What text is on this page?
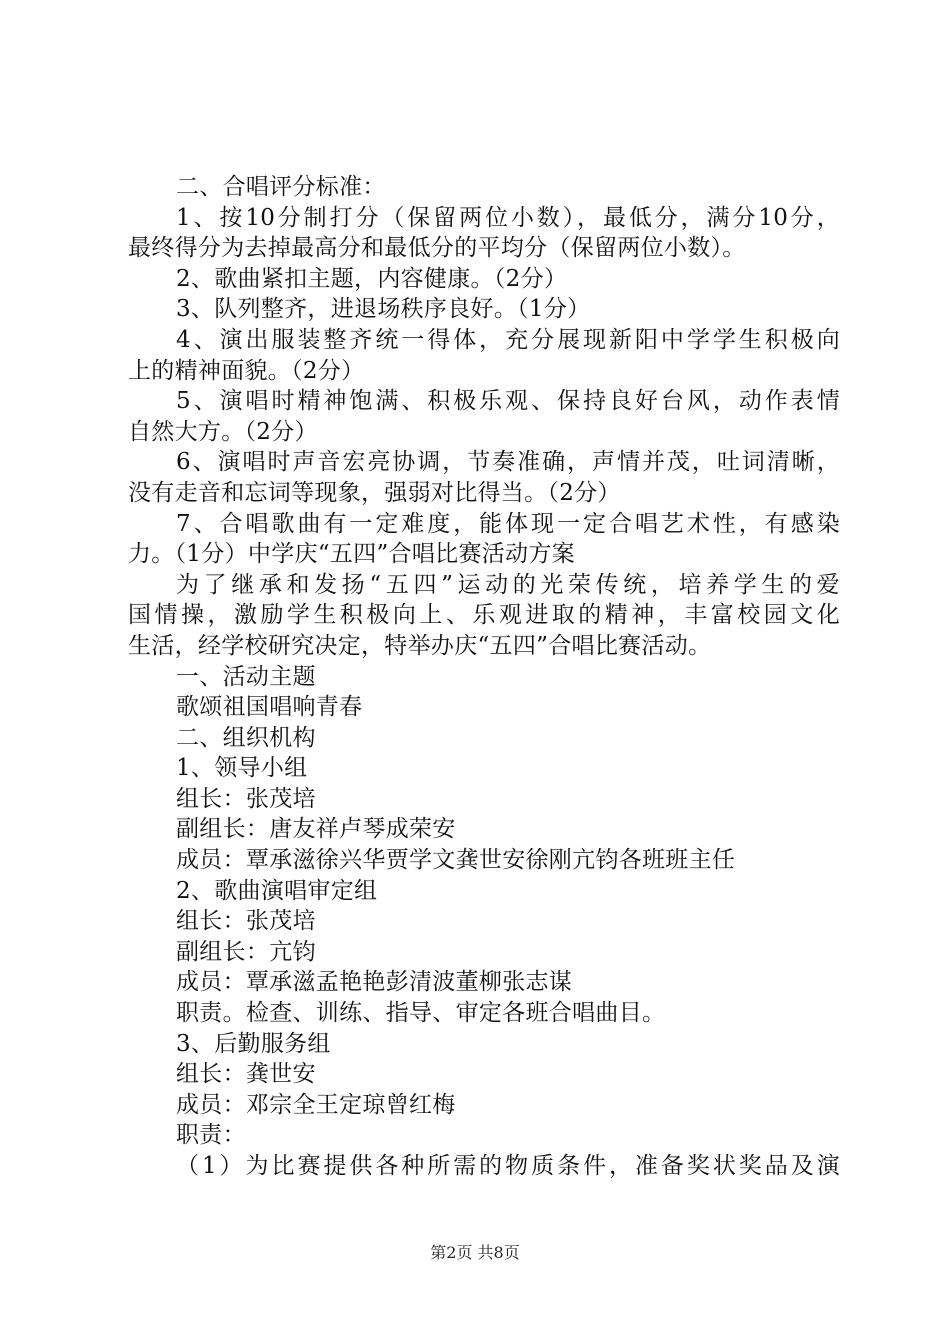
二、合唱评分标准：
1、按10分制打分（保留两位小数），最低分，满分10分，
最终得分为去掉最高分和最低分的平均分（保留两位小数）。
2、歌曲紧扣主题，内容健康。（2分）
3、队列整齐，进退场秩序良好。（1分）
4、演出服装整齐统一得体，充分展现新阳中学学生积极向
上的精神面貌。（2分）
5、演唱时精神饱满、积极乐观、保持良好台风，动作表情
自然大方。（2分）
6、演唱时声音宏亮协调，节奏准确，声情并茂，吐词清晰，
没有走音和忘词等现象，强弱对比得当。（2分）
7、合唱歌曲有一定难度，能体现一定合唱艺术性，有感染
力。（1分）中学庆“五四”合唱比赛活动方案
为了继承和发扬“五四”运动的光荣传统，培养学生的爱
国情操，激励学生积极向上、乐观进取的精神，丰富校园文化
生活，经学校研究决定，特举办庆“五四”合唱比赛活动。
一、活动主题
歌颂祖国唱响青春
二、组织机构
1、领导小组
组长：张茂培
副组长：唐友祥卢琴成荣安
成员：覃承滋徐兴华贾学文龚世安徐刚亢钧各班班主任
2、歌曲演唱审定组
组长：张茂培
副组长：亢钧
成员：覃承滋孟艳艳彭清波董柳张志谋
职责。检查、训练、指导、审定各班合唱曲目。
3、后勤服务组
组长：龚世安
成员：邓宗全王定琼曾红梅
职责：
（1）为比赛提供各种所需的物质条件，准备奖状奖品及演
第2页 共8页
